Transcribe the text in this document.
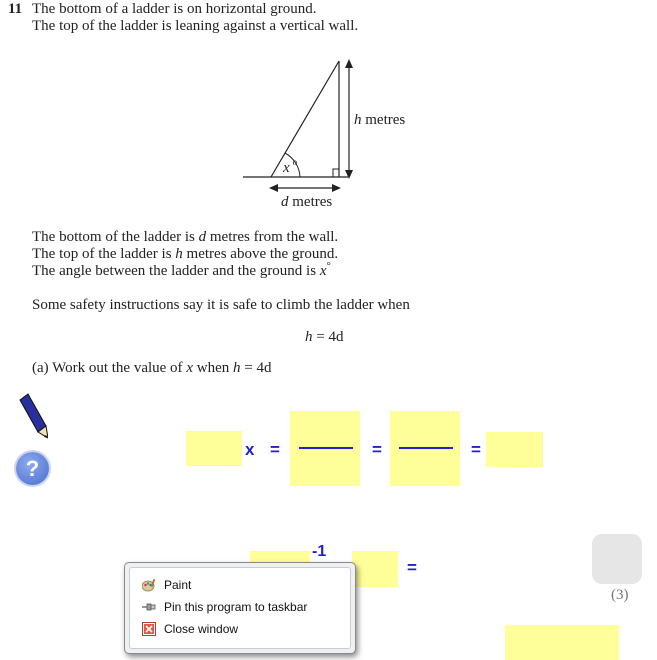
11 The bottom of a ladder is on horizontal ground.
The top of the ladder is leaning against a vertical wall.
x $^o$
h metres
d metres
The bottom of the ladder is d metres from the wall.
The top of the ladder is h metres above the ground.
The angle between the ladder and the ground is x°
Some safety instructions say it is safe to climb the ladder when
h = 4d
(a) Work out the value of x when h = 4d
?
x =	=	=
-1
=
(3)
Paint
Pin this program to taskbar
Close window
